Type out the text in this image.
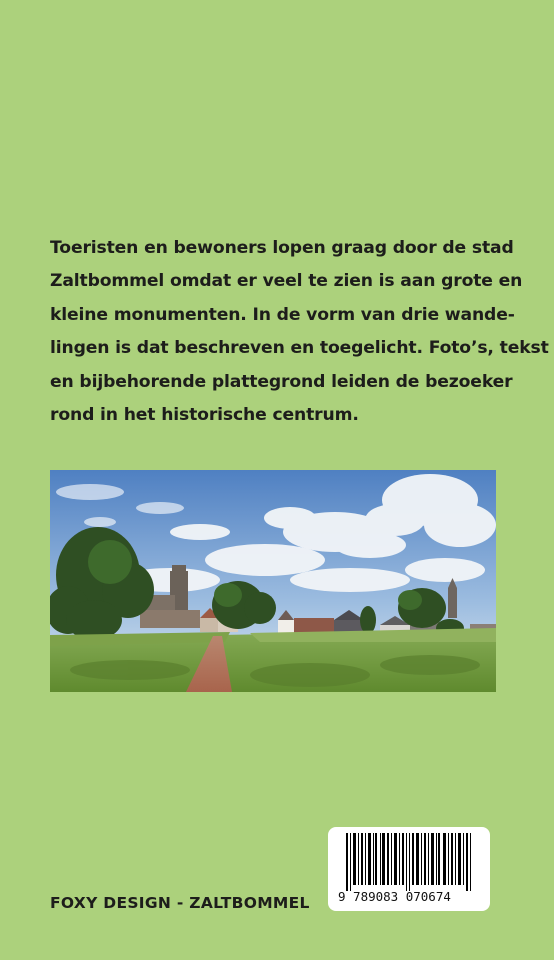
Toeristen en bewoners lopen graag door de stad
Zaltbommel omdat er veel te zien is aan grote en
kleine monumenten. In de vorm van drie wande-
lingen is dat beschreven en toegelicht. Foto’s, tekst
en bijbehorende plattegrond leiden de bezoeker
rond in het historische centrum.

FOXY DESIGN - ZALTBOMMEL 9 789083 070674
